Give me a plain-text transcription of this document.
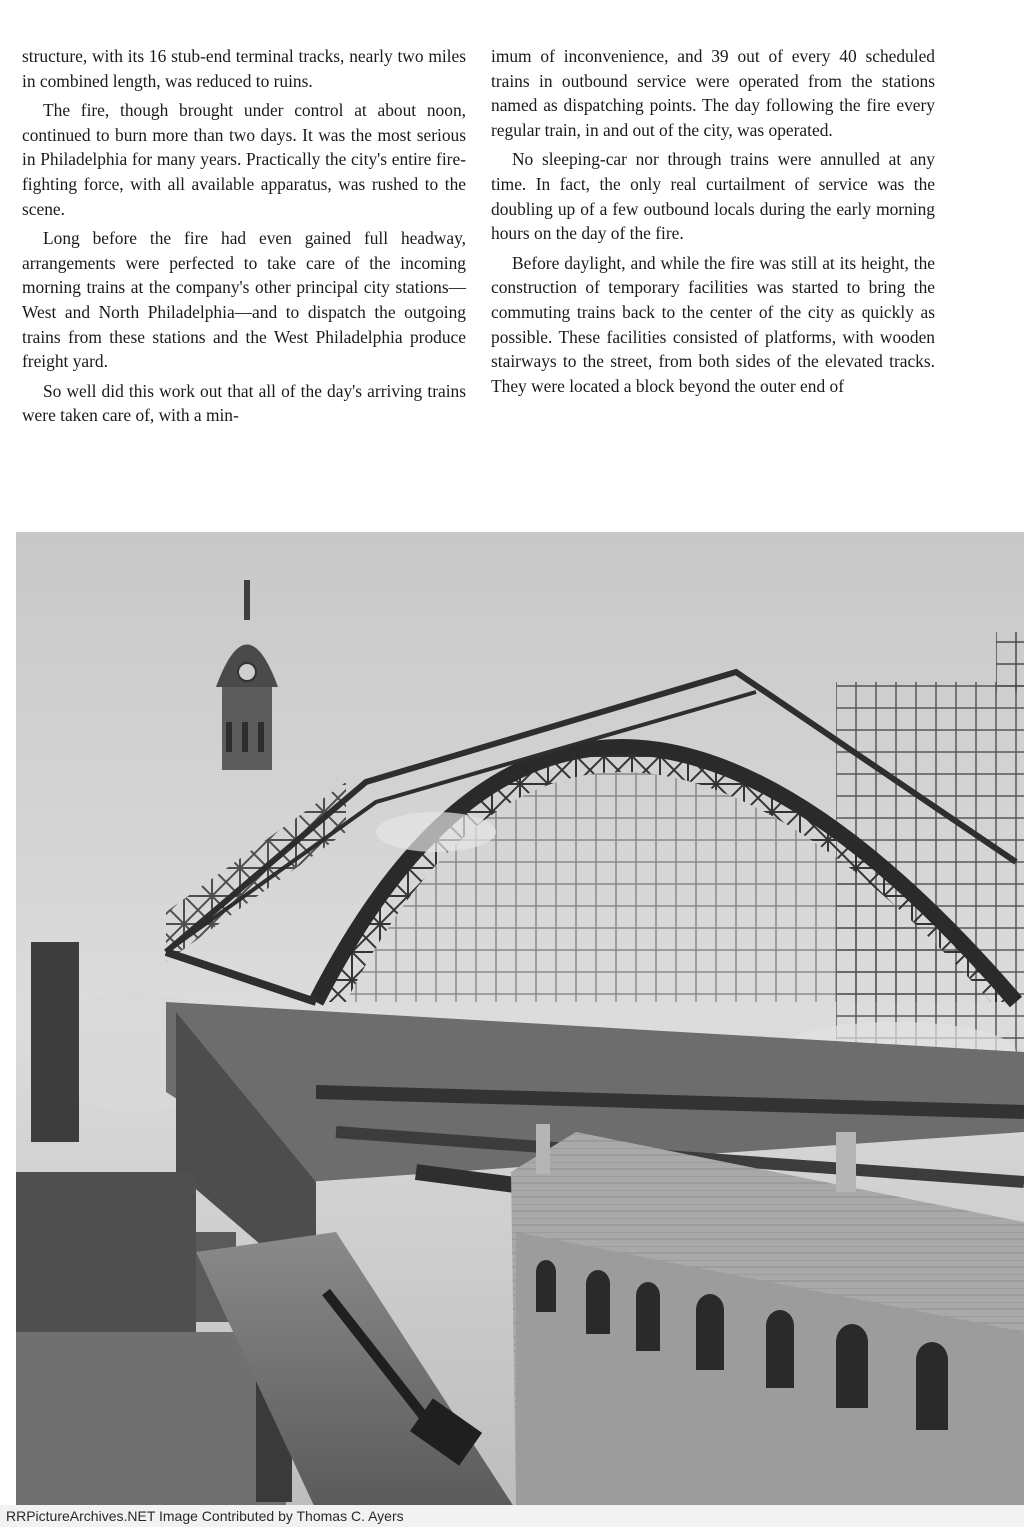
structure, with its 16 stub-end terminal tracks, nearly two miles in combined length, was reduced to ruins.

The fire, though brought under control at about noon, continued to burn more than two days. It was the most serious in Philadelphia for many years. Practically the city's entire fire-fighting force, with all available apparatus, was rushed to the scene.

Long before the fire had even gained full headway, arrangements were perfected to take care of the incoming morning trains at the company's other principal city stations—West and North Philadelphia—and to dispatch the outgoing trains from these stations and the West Philadelphia produce freight yard.

So well did this work out that all of the day's arriving trains were taken care of, with a min-

imum of inconvenience, and 39 out of every 40 scheduled trains in outbound service were operated from the stations named as dispatching points. The day following the fire every regular train, in and out of the city, was operated.

No sleeping-car nor through trains were annulled at any time. In fact, the only real curtailment of service was the doubling up of a few outbound locals during the early morning hours on the day of the fire.

Before daylight, and while the fire was still at its height, the construction of temporary facilities was started to bring the commuting trains back to the center of the city as quickly as possible. These facilities consisted of platforms, with wooden stairways to the street, from both sides of the elevated tracks. They were located a block beyond the outer end of

RRPictureArchives.NET Image Contributed by Thomas C. Ayers
